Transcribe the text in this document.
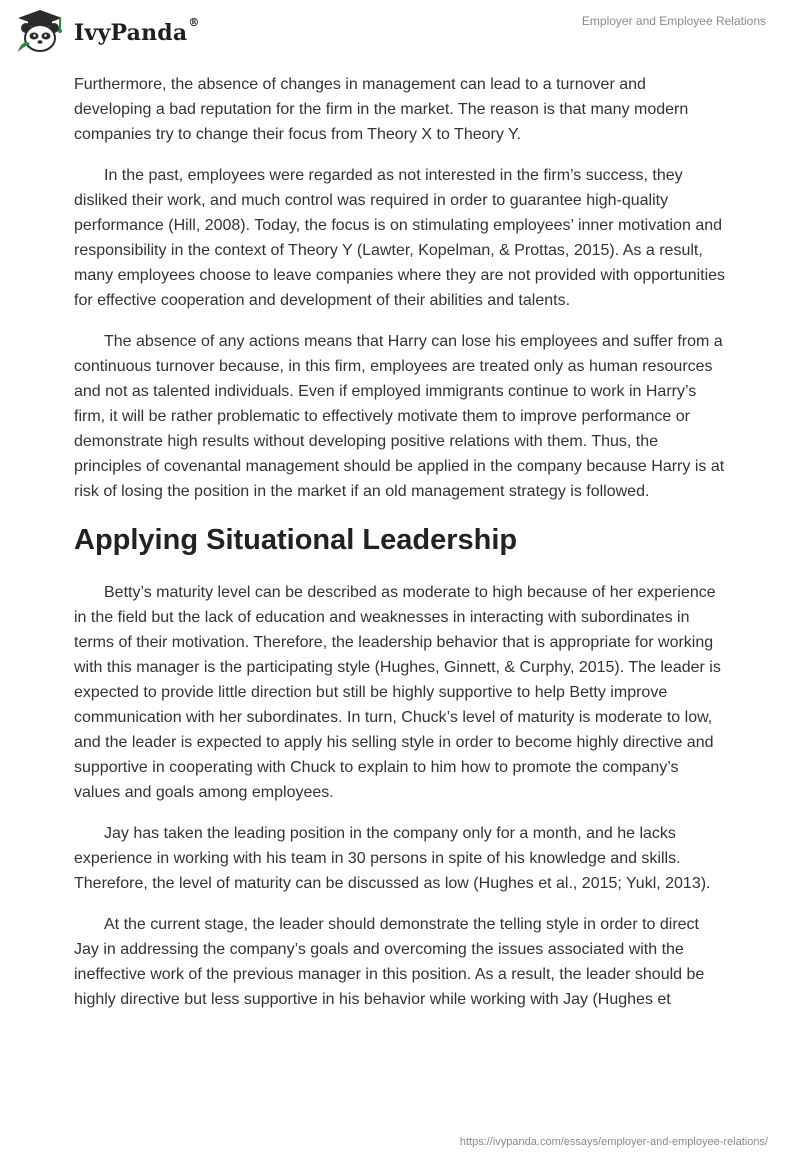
IvyPanda®	Employer and Employee Relations

Furthermore, the absence of changes in management can lead to a turnover and developing a bad reputation for the firm in the market. The reason is that many modern companies try to change their focus from Theory X to Theory Y.

In the past, employees were regarded as not interested in the firm’s success, they disliked their work, and much control was required in order to guarantee high-quality performance (Hill, 2008). Today, the focus is on stimulating employees’ inner motivation and responsibility in the context of Theory Y (Lawter, Kopelman, & Prottas, 2015). As a result, many employees choose to leave companies where they are not provided with opportunities for effective cooperation and development of their abilities and talents.

The absence of any actions means that Harry can lose his employees and suffer from a continuous turnover because, in this firm, employees are treated only as human resources and not as talented individuals. Even if employed immigrants continue to work in Harry’s firm, it will be rather problematic to effectively motivate them to improve performance or demonstrate high results without developing positive relations with them. Thus, the principles of covenantal management should be applied in the company because Harry is at risk of losing the position in the market if an old management strategy is followed.

Applying Situational Leadership

Betty’s maturity level can be described as moderate to high because of her experience in the field but the lack of education and weaknesses in interacting with subordinates in terms of their motivation. Therefore, the leadership behavior that is appropriate for working with this manager is the participating style (Hughes, Ginnett, & Curphy, 2015). The leader is expected to provide little direction but still be highly supportive to help Betty improve communication with her subordinates. In turn, Chuck’s level of maturity is moderate to low, and the leader is expected to apply his selling style in order to become highly directive and supportive in cooperating with Chuck to explain to him how to promote the company’s values and goals among employees.

Jay has taken the leading position in the company only for a month, and he lacks experience in working with his team in 30 persons in spite of his knowledge and skills. Therefore, the level of maturity can be discussed as low (Hughes et al., 2015; Yukl, 2013).

At the current stage, the leader should demonstrate the telling style in order to direct Jay in addressing the company’s goals and overcoming the issues associated with the ineffective work of the previous manager in this position. As a result, the leader should be highly directive but less supportive in his behavior while working with Jay (Hughes et

https://ivypanda.com/essays/employer-and-employee-relations/
